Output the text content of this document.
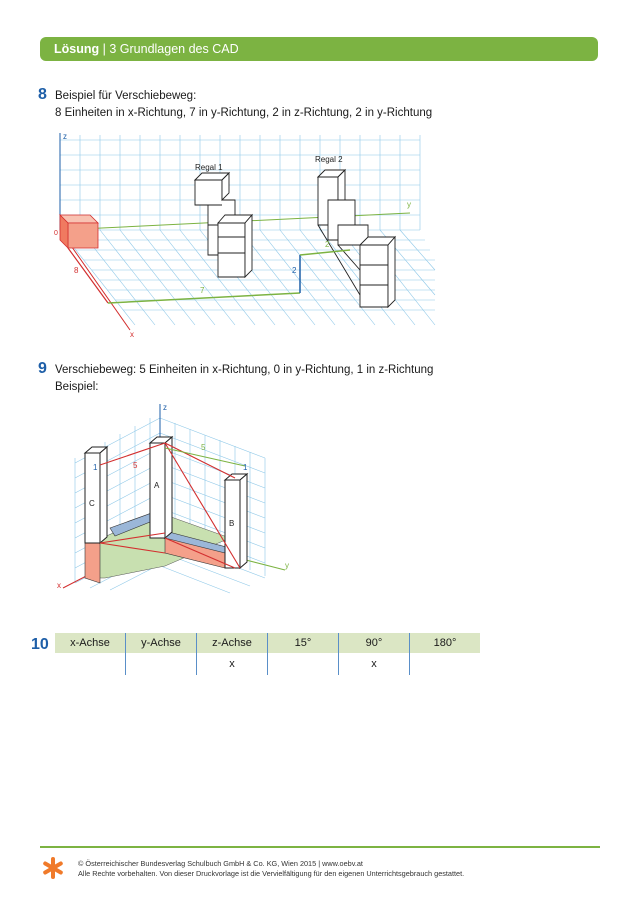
Lösung | 3 Grundlagen des CAD
8 Beispiel für Verschiebeweg:
8 Einheiten in x-Richtung, 7 in y-Richtung, 2 in z-Richtung, 2 in y-Richtung
z
y
x
0
Regal 1
Regal 2
8
7
2
2
9 Verschiebeweg: 5 Einheiten in x-Richtung, 0 in y-Richtung, 1 in z-Richtung
Beispiel:
z
y
x
C
A
B
5
5
1	1
10 x-Achse	y-Achse	z-Achse	15°	90°	180°
		x		x	
© Österreichischer Bundesverlag Schulbuch GmbH & Co. KG, Wien 2015 | www.oebv.at
Alle Rechte vorbehalten. Von dieser Druckvorlage ist die Vervielfältigung für den eigenen Unterrichtsgebrauch gestattet.
